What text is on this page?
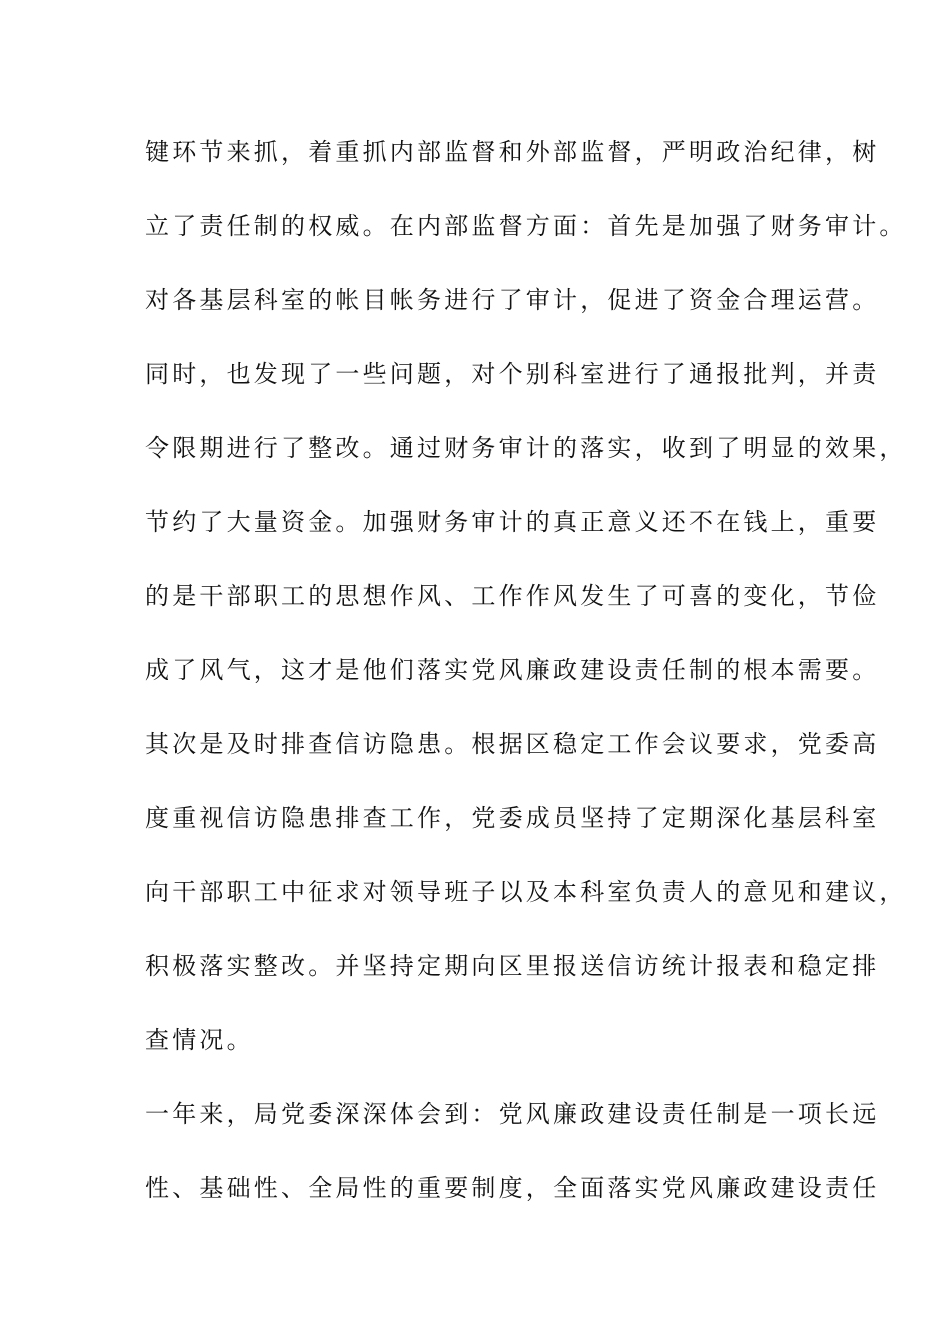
键环节来抓，着重抓内部监督和外部监督，严明政治纪律，树
立了责任制的权威。在内部监督方面：首先是加强了财务审计。
对各基层科室的帐目帐务进行了审计，促进了资金合理运营。
同时，也发现了一些问题，对个别科室进行了通报批判，并责
令限期进行了整改。通过财务审计的落实，收到了明显的效果，
节约了大量资金。加强财务审计的真正意义还不在钱上，重要
的是干部职工的思想作风、工作作风发生了可喜的变化，节俭
成了风气，这才是他们落实党风廉政建设责任制的根本需要。
其次是及时排查信访隐患。根据区稳定工作会议要求，党委高
度重视信访隐患排查工作，党委成员坚持了定期深化基层科室
向干部职工中征求对领导班子以及本科室负责人的意见和建议，
积极落实整改。并坚持定期向区里报送信访统计报表和稳定排
查情况。
一年来，局党委深深体会到：党风廉政建设责任制是一项长远
性、基础性、全局性的重要制度，全面落实党风廉政建设责任
